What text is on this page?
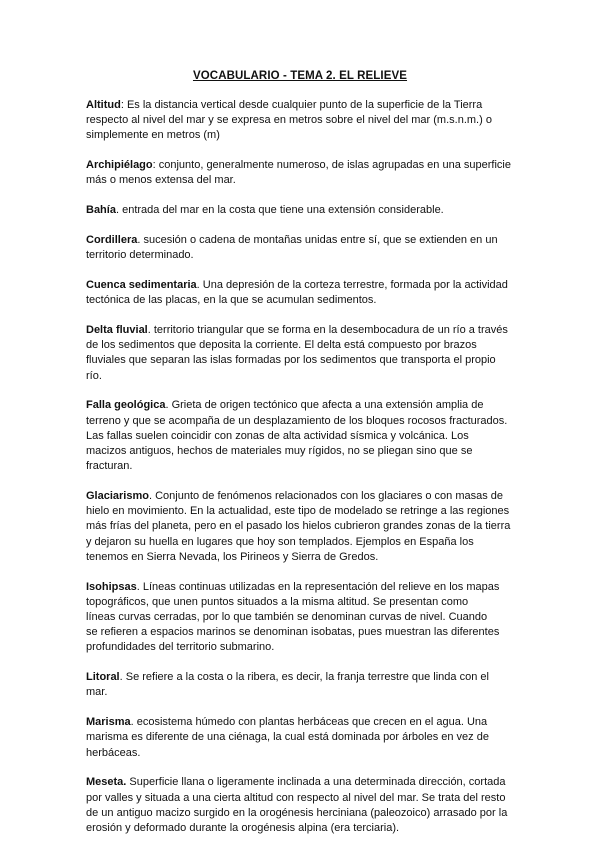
VOCABULARIO - TEMA 2. EL RELIEVE
Altitud: Es la distancia vertical desde cualquier punto de la superficie de la Tierra
respecto al nivel del mar y se expresa en metros sobre el nivel del mar (m.s.n.m.) o
simplemente en metros (m)
Archipiélago: conjunto, generalmente numeroso, de islas agrupadas en una superficie
más o menos extensa del mar.
Bahía. entrada del mar en la costa que tiene una extensión considerable.
Cordillera. sucesión o cadena de montañas unidas entre sí, que se extienden en un
territorio determinado.
Cuenca sedimentaria. Una depresión de la corteza terrestre, formada por la actividad
tectónica de las placas, en la que se acumulan sedimentos.
Delta fluvial. territorio triangular que se forma en la desembocadura de un río a través
de los sedimentos que deposita la corriente. El delta está compuesto por brazos
fluviales que separan las islas formadas por los sedimentos que transporta el propio
río.
Falla geológica. Grieta de origen tectónico que afecta a una extensión amplia de
terreno y que se acompaña de un desplazamiento de los bloques rocosos fracturados.
Las fallas suelen coincidir con zonas de alta actividad sísmica y volcánica. Los
macizos antiguos, hechos de materiales muy rígidos, no se pliegan sino que se
fracturan.
Glaciarismo. Conjunto de fenómenos relacionados con los glaciares o con masas de
hielo en movimiento. En la actualidad, este tipo de modelado se retringe a las regiones
más frías del planeta, pero en el pasado los hielos cubrieron grandes zonas de la tierra
y dejaron su huella en lugares que hoy son templados. Ejemplos en España los
tenemos en Sierra Nevada, los Pirineos y Sierra de Gredos.
Isohipsas. Líneas continuas utilizadas en la representación del relieve en los mapas
topográficos, que unen puntos situados a la misma altitud. Se presentan como
líneas curvas cerradas, por lo que también se denominan curvas de nivel. Cuando
se refieren a espacios marinos se denominan isobatas, pues muestran las diferentes
profundidades del territorio submarino.
Litoral. Se refiere a la costa o la ribera, es decir, la franja terrestre que linda con el
mar.
Marisma. ecosistema húmedo con plantas herbáceas que crecen en el agua. Una
marisma es diferente de una ciénaga, la cual está dominada por árboles en vez de
herbáceas.
Meseta. Superficie llana o ligeramente inclinada a una determinada dirección, cortada
por valles y situada a una cierta altitud con respecto al nivel del mar. Se trata del resto
de un antiguo macizo surgido en la orogénesis herciniana (paleozoico) arrasado por la
erosión y deformado durante la orogénesis alpina (era terciaria).
